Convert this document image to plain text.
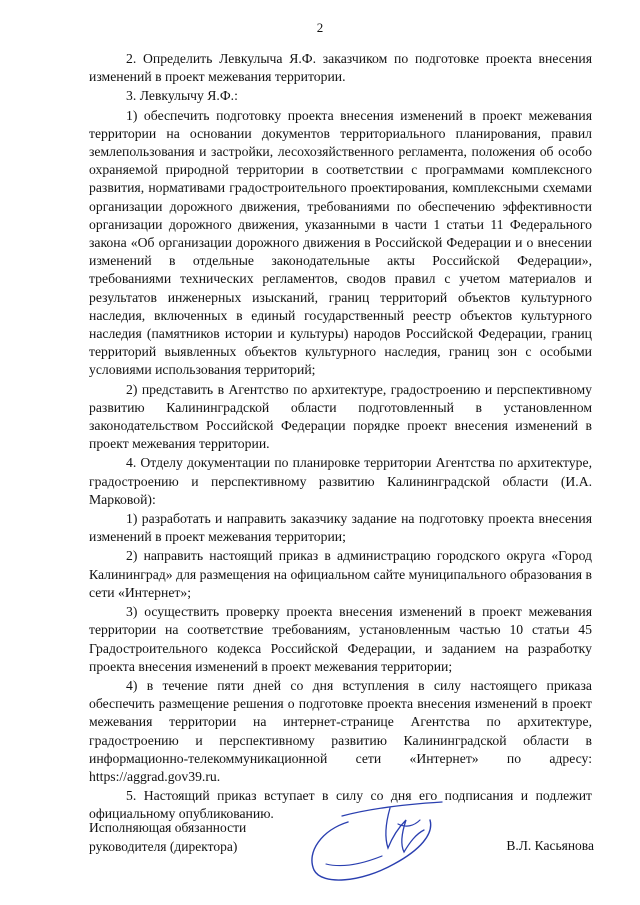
2

2. Определить Левкулыча Я.Ф. заказчиком по подготовке проекта внесения изменений в проект межевания территории.

3. Левкулычу Я.Ф.:

1) обеспечить подготовку проекта внесения изменений в проект межевания территории на основании документов территориального планирования, правил землепользования и застройки, лесохозяйственного регламента, положения об особо охраняемой природной территории в соответствии с программами комплексного развития, нормативами градостроительного проектирования, комплексными схемами организации дорожного движения, требованиями по обеспечению эффективности организации дорожного движения, указанными в части 1 статьи 11 Федерального закона «Об организации дорожного движения в Российской Федерации и о внесении изменений в отдельные законодательные акты Российской Федерации», требованиями технических регламентов, сводов правил с учетом материалов и результатов инженерных изысканий, границ территорий объектов культурного наследия, включенных в единый государственный реестр объектов культурного наследия (памятников истории и культуры) народов Российской Федерации, границ территорий выявленных объектов культурного наследия, границ зон с особыми условиями использования территорий;

2) представить в Агентство по архитектуре, градостроению и перспективному развитию Калининградской области подготовленный в установленном законодательством Российской Федерации порядке проект внесения изменений в проект межевания территории.

4. Отделу документации по планировке территории Агентства по архитектуре, градостроению и перспективному развитию Калининградской области (И.А. Марковой):

1) разработать и направить заказчику задание на подготовку проекта внесения изменений в проект межевания территории;

2) направить настоящий приказ в администрацию городского округа «Город Калининград» для размещения на официальном сайте муниципального образования в сети «Интернет»;

3) осуществить проверку проекта внесения изменений в проект межевания территории на соответствие требованиям, установленным частью 10 статьи 45 Градостроительного кодекса Российской Федерации, и заданием на разработку проекта внесения изменений в проект межевания территории;

4) в течение пяти дней со дня вступления в силу настоящего приказа обеспечить размещение решения о подготовке проекта внесения изменений в проект межевания территории на интернет-странице Агентства по архитектуре, градостроению и перспективному развитию Калининградской области в информационно-телекоммуникационной сети «Интернет» по адресу: https://aggrad.gov39.ru.

5. Настоящий приказ вступает в силу со дня его подписания и подлежит официальному опубликованию.

Исполняющая обязанности
руководителя (директора)	В.Л. Касьянова
